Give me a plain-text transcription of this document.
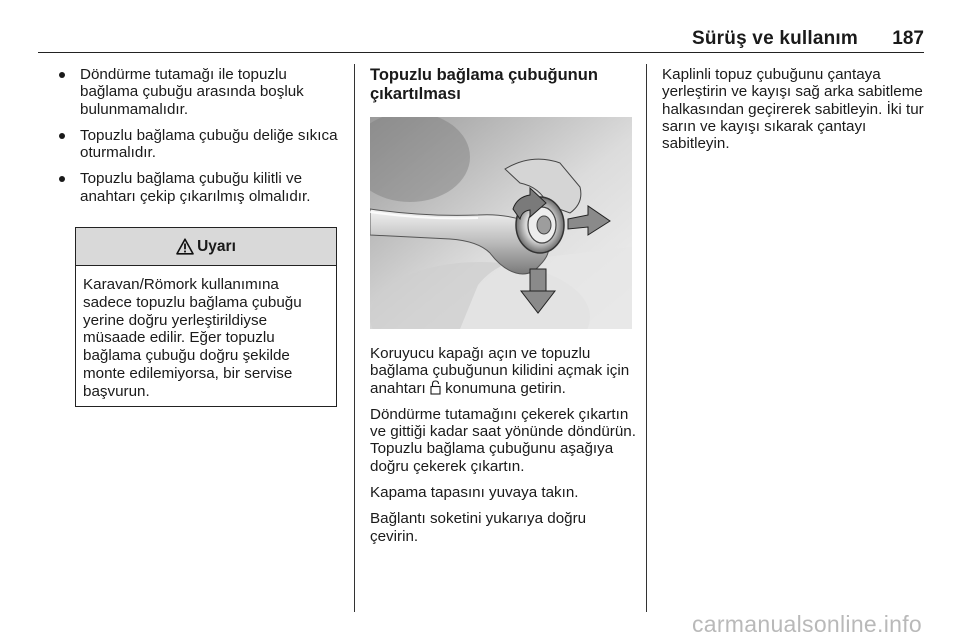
Sürüş ve kullanım 187
Döndürme tutamağı ile topuzlu bağlama çubuğu arasında boşluk bulunmamalıdır.
Topuzlu bağlama çubuğu deliğe sıkıca oturmalıdır.
Topuzlu bağlama çubuğu kilitli ve anahtarı çekip çıkarılmış olmalıdır.
Uyarı
Karavan/Römork kullanımına sadece topuzlu bağlama çubuğu yerine doğru yerleştirildiyse müsaade edilir. Eğer topuzlu bağlama çubuğu doğru şekilde monte edilemiyorsa, bir servise başvurun.
Topuzlu bağlama çubuğunun çıkartılması

Koruyucu kapağı açın ve topuzlu bağlama çubuğunun kilidini açmak için anahtarı  konumuna getirin.

Döndürme tutamağını çekerek çıkartın ve gittiği kadar saat yönünde döndürün. Topuzlu bağlama çubuğunu aşağıya doğru çekerek çıkartın.

Kapama tapasını yuvaya takın.

Bağlantı soketini yukarıya doğru çevirin.

Kaplinli topuz çubuğunu çantaya yerleştirin ve kayışı sağ arka sabitleme halkasından geçirerek sabitleyin. İki tur sarın ve kayışı sıkarak çantayı sabitleyin.

carmanualsonline.info
